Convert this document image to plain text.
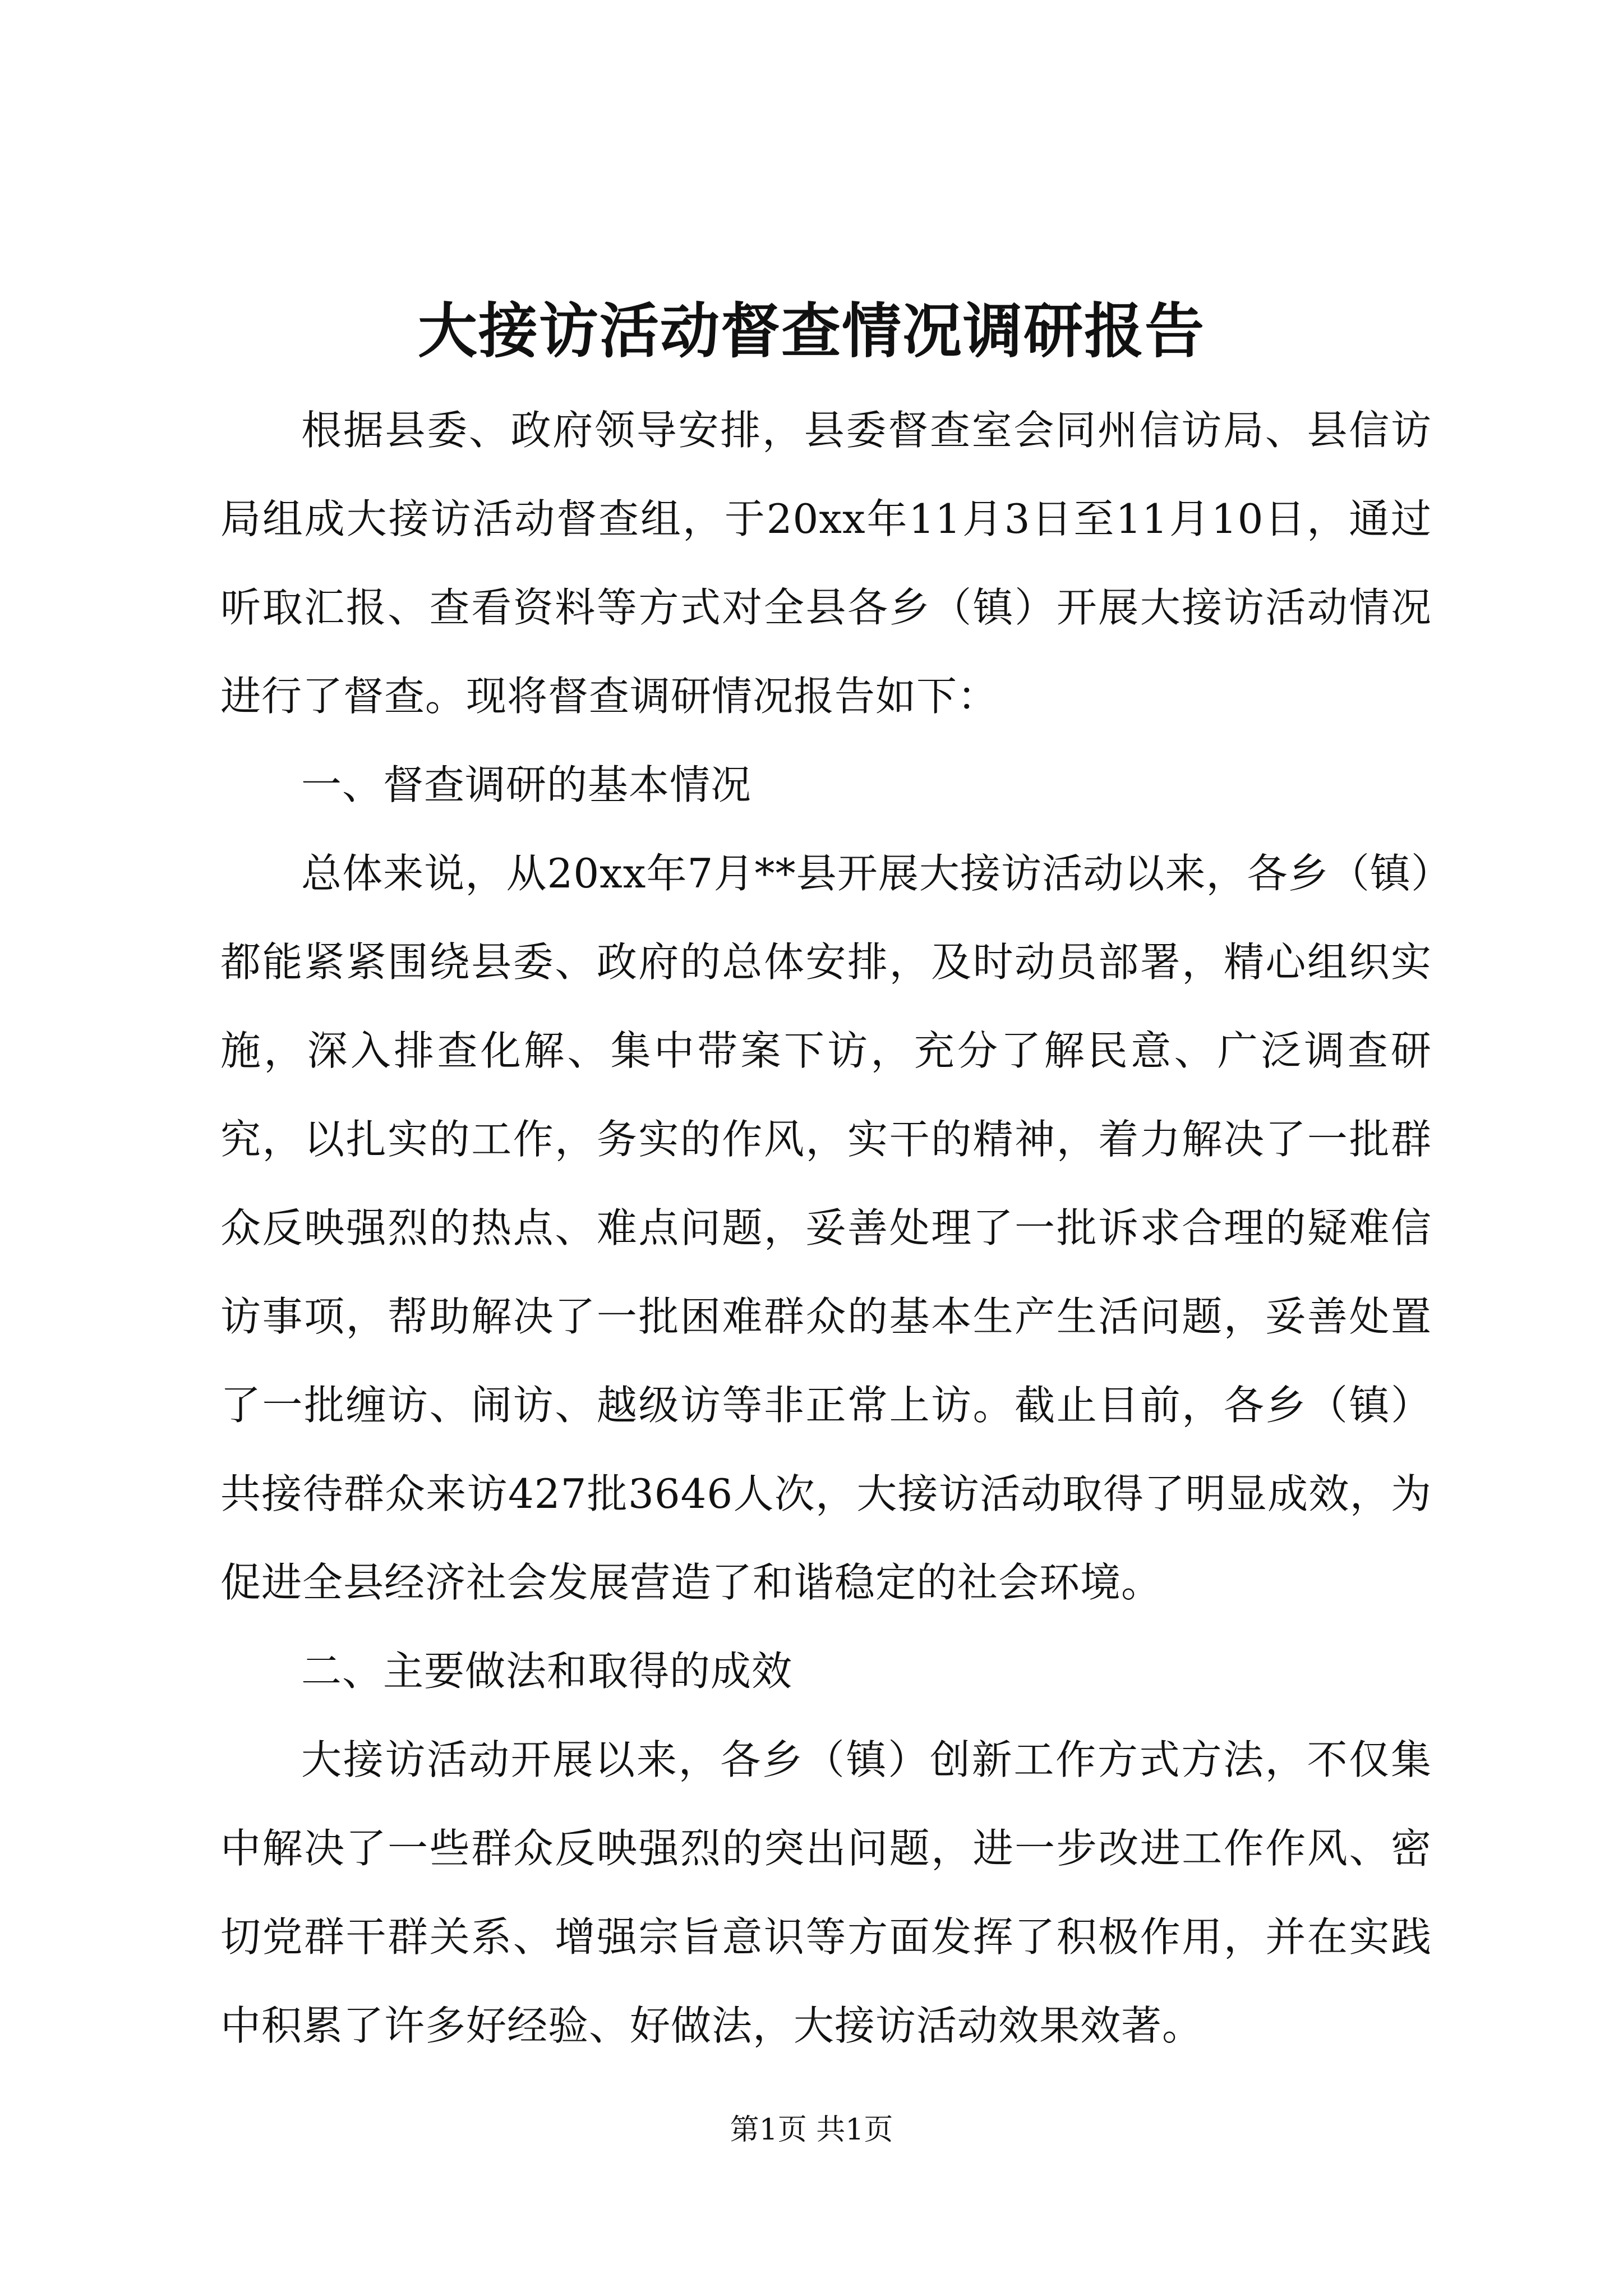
大接访活动督查情况调研报告

根据县委、政府领导安排，县委督查室会同州信访局、县信访局组成大接访活动督查组，于20xx年11月3日至11月10日，通过听取汇报、查看资料等方式对全县各乡（镇）开展大接访活动情况进行了督查。现将督查调研情况报告如下：

一、督查调研的基本情况

总体来说，从20xx年7月**县开展大接访活动以来，各乡（镇）都能紧紧围绕县委、政府的总体安排，及时动员部署，精心组织实施，深入排查化解、集中带案下访，充分了解民意、广泛调查研究，以扎实的工作，务实的作风，实干的精神，着力解决了一批群众反映强烈的热点、难点问题，妥善处理了一批诉求合理的疑难信访事项，帮助解决了一批困难群众的基本生产生活问题，妥善处置了一批缠访、闹访、越级访等非正常上访。截止目前，各乡（镇）共接待群众来访427批3646人次，大接访活动取得了明显成效，为促进全县经济社会发展营造了和谐稳定的社会环境。

二、主要做法和取得的成效

大接访活动开展以来，各乡（镇）创新工作方式方法，不仅集中解决了一些群众反映强烈的突出问题，进一步改进工作作风、密切党群干群关系、增强宗旨意识等方面发挥了积极作用，并在实践中积累了许多好经验、好做法，大接访活动效果效著。

第1页 共1页
